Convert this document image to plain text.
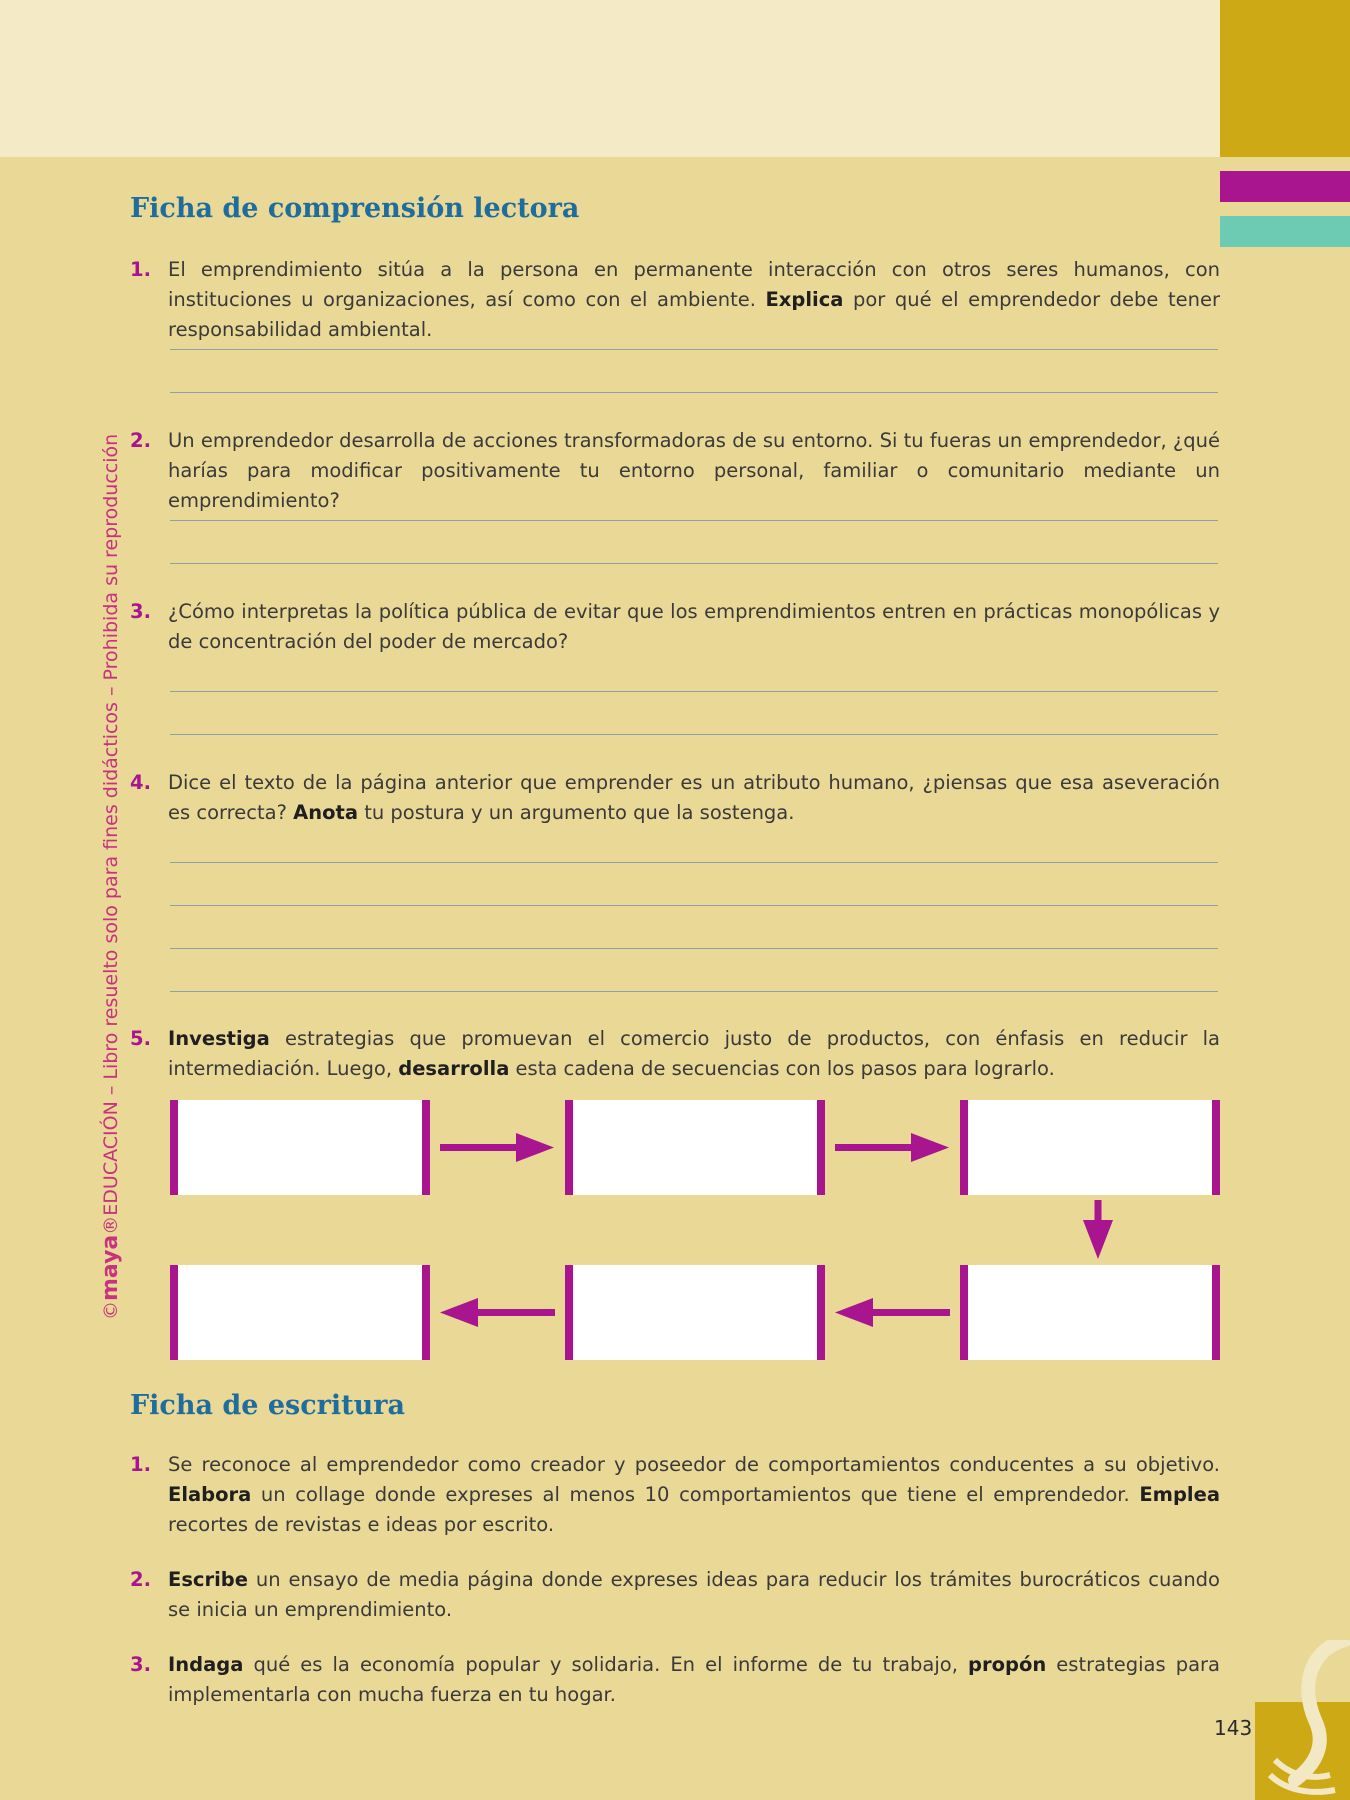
©maya®EDUCACIÓN – Libro resuelto solo para fines didácticos – Prohibida su reproducción
Ficha de comprensión lectora
1. El emprendimiento sitúa a la persona en permanente interacción con otros seres humanos, con instituciones u organizaciones, así como con el ambiente. Explica por qué el emprendedor debe tener responsabilidad ambiental.
2. Un emprendedor desarrolla de acciones transformadoras de su entorno. Si tu fueras un emprendedor, ¿qué harías para modificar positivamente tu entorno personal, familiar o comunitario mediante un emprendimiento?
3. ¿Cómo interpretas la política pública de evitar que los emprendimientos entren en prácticas monopólicas y de concentración del poder de mercado?
4. Dice el texto de la página anterior que emprender es un atributo humano, ¿piensas que esa aseveración es correcta? Anota tu postura y un argumento que la sostenga.
5. Investiga estrategias que promuevan el comercio justo de productos, con énfasis en reducir la intermediación. Luego, desarrolla esta cadena de secuencias con los pasos para lograrlo.
Ficha de escritura
1. Se reconoce al emprendedor como creador y poseedor de comportamientos conducentes a su objetivo. Elabora un collage donde expreses al menos 10 comportamientos que tiene el emprendedor. Emplea recortes de revistas e ideas por escrito.
2. Escribe un ensayo de media página donde expreses ideas para reducir los trámites burocráticos cuando se inicia un emprendimiento.
3. Indaga qué es la economía popular y solidaria. En el informe de tu trabajo, propón estrategias para implementarla con mucha fuerza en tu hogar.
143
